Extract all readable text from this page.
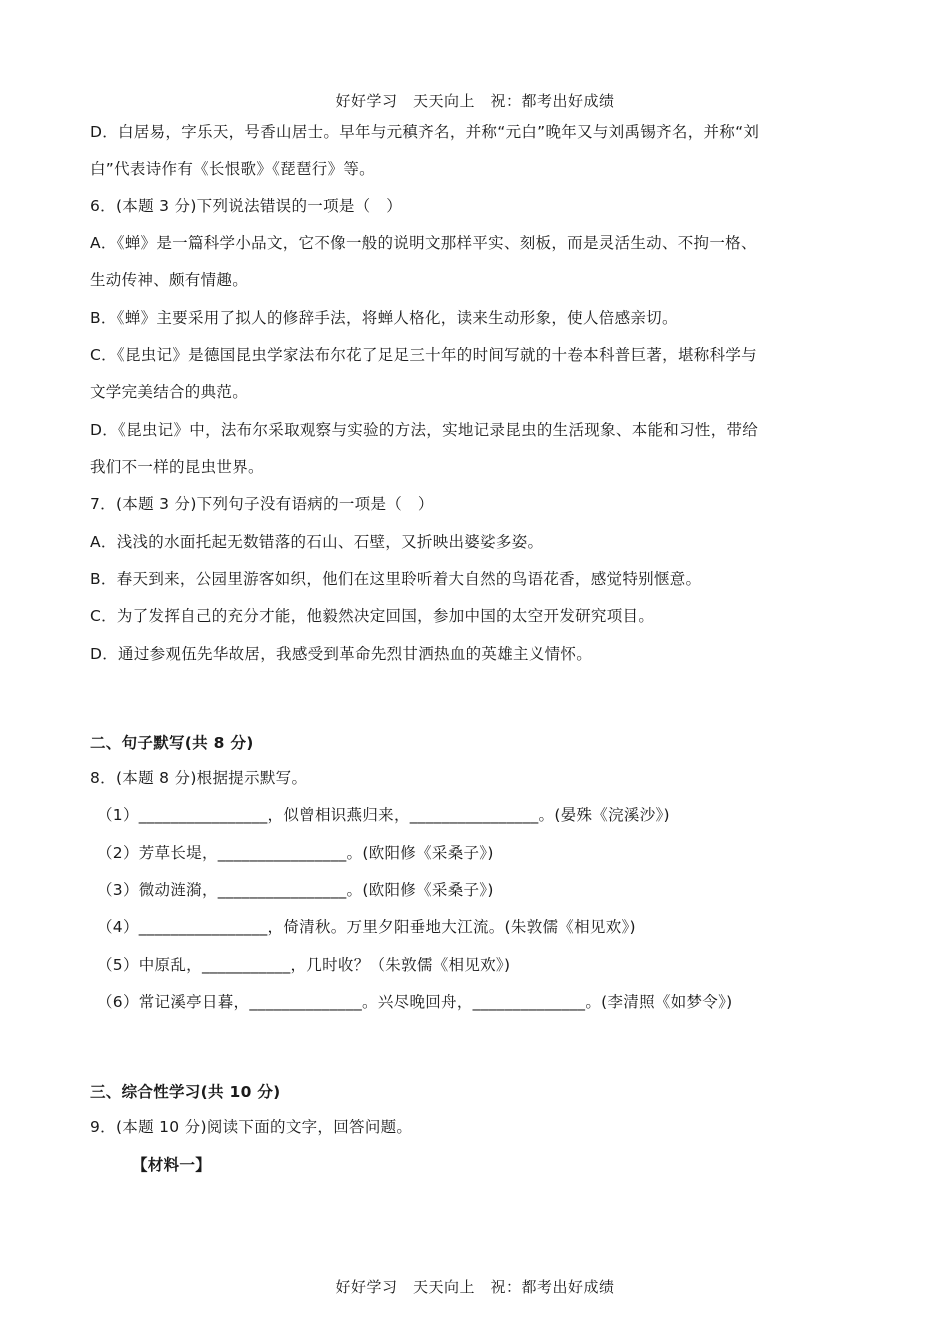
好好学习　天天向上　祝：都考出好成绩
D．白居易，字乐天，号香山居士。早年与元稹齐名，并称“元白”晚年又与刘禹锡齐名，并称“刘
白”代表诗作有《长恨歌》《琵琶行》等。
6．(本题 3 分)下列说法错误的一项是（　）
A．《蝉》是一篇科学小品文，它不像一般的说明文那样平实、刻板，而是灵活生动、不拘一格、
生动传神、颇有情趣。
B．《蝉》主要采用了拟人的修辞手法，将蝉人格化，读来生动形象，使人倍感亲切。
C．《昆虫记》是德国昆虫学家法布尔花了足足三十年的时间写就的十卷本科普巨著，堪称科学与
文学完美结合的典范。
D．《昆虫记》中，法布尔采取观察与实验的方法，实地记录昆虫的生活现象、本能和习性，带给
我们不一样的昆虫世界。
7．(本题 3 分)下列句子没有语病的一项是（　）
A．浅浅的水面托起无数错落的石山、石壁，又折映出婆娑多姿。
B．春天到来，公园里游客如织，他们在这里聆听着大自然的鸟语花香，感觉特别惬意。
C．为了发挥自己的充分才能，他毅然决定回国，参加中国的太空开发研究项目。
D．通过参观伍先华故居，我感受到革命先烈甘洒热血的英雄主义情怀。
二、句子默写(共 8 分)
8．(本题 8 分)根据提示默写。
（1）________________，似曾相识燕归来，________________。(晏殊《浣溪沙》)
（2）芳草长堤，________________。(欧阳修《采桑子》)
（3）微动涟漪，________________。(欧阳修《采桑子》)
（4）________________，倚清秋。万里夕阳垂地大江流。(朱敦儒《相见欢》)
（5）中原乱，___________，几时收？（朱敦儒《相见欢》)
（6）常记溪亭日暮，______________。兴尽晚回舟，______________。(李清照《如梦令》)
三、综合性学习(共 10 分)
9．(本题 10 分)阅读下面的文字，回答问题。
【材料一】
好好学习　天天向上　祝：都考出好成绩
